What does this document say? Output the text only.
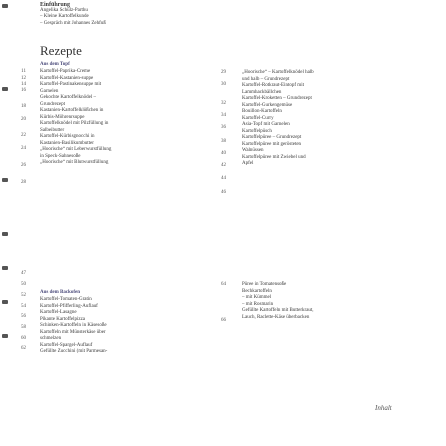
Einführung
Angelika Schulz-Parthu
– Kleine Kartoffelkunde
– Gespräch mit Johannes Zehfuß
Rezepte
Aus dem Topf
Aus dem Backofen
Kartoffel-Paprika-Creme
Kartoffel-Kastanien-suppe
Kartoffel-Pastinakensuppe mit
Garnelen
Gekochte Kartoffelknödel –
Grundrezept
Kastanien-Kartoffelklößchen in
Kürbis-Möhrenrsuppe
Kartoffelknödel mit Pilzfüllung in
Salbeibutter
Kartoffel-Kürbisgnocchi in
Kastanien-Basilikumbutter
„Hoorische“ mit Leberwurstfüllung
in Speck-Sahnesoße
„Hoorische“ mit Blutwurstfüllung
Kartoffel-Tomaten-Gratin
Kartoffel-Pfifferling-Auflauf
Kartoffel-Lasagne
Pikante Kartoffelpizza
Schinken-Kartoffeln in Käsesoße
Kartoffeln mit Münsterkäse über
schmelzen
Kartoffel-Spargel-Auflauf
Gefüllte Zucchini (mit Parmesan-
11
12
14
16
18
20
22
24
26
28
47
50
52
54
56
58
60
62
29
30
32
34
36
38
40
42
44
46
64
66
„Hoorische“ – Kartoffelknödel halb
und halb – Grundrezept
Kartoffel-Rotkraut-Eintopf mit
Lammhackbällchen
Kartoffel-Kroketten – Grundrezept
Kartoffel-Gurkengemüse
Bouillon-Kartoffeln
Kartoffel-Curry
Asia-Topf mit Garnelen
Kartoffelpüsch
Kartoffelpüree – Grundrezept
Kartoffelpüree mit gerösteten
Walnüssen
Kartoffelpüree mit Zwiebel und
Apfel
Püree in Tomatensoße
Bechkartoffeln
– mit Kümmel
– mit Rosmarin
Gefüllte Kartoffeln mit Butterkraut,
Lauch, Raclette-Käse überbacken
Inhalt
